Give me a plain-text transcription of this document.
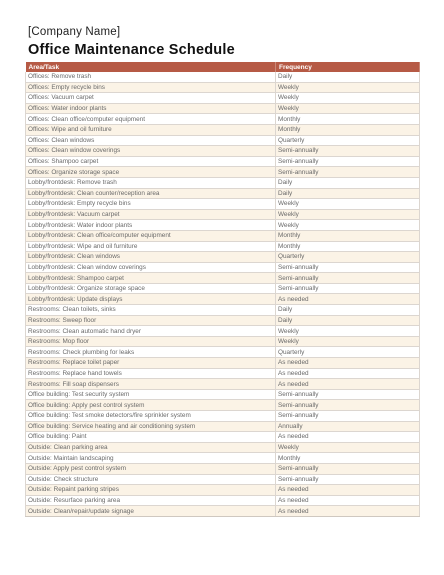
[Company Name]
Office Maintenance Schedule
Area/Task	Frequency
Offices: Remove trash	Daily
Offices: Empty recycle bins	Weekly
Offices: Vacuum carpet	Weekly
Offices: Water indoor plants	Weekly
Offices: Clean office/computer equipment	Monthly
Offices: Wipe and oil furniture	Monthly
Offices: Clean windows	Quarterly
Offices: Clean window coverings	Semi-annually
Offices: Shampoo carpet	Semi-annually
Offices: Organize storage space	Semi-annually
Lobby/frontdesk: Remove trash	Daily
Lobby/frontdesk: Clean counter/reception area	Daily
Lobby/frontdesk: Empty recycle bins	Weekly
Lobby/frontdesk: Vacuum carpet	Weekly
Lobby/frontdesk: Water indoor plants	Weekly
Lobby/frontdesk: Clean office/computer equipment	Monthly
Lobby/frontdesk: Wipe and oil furniture	Monthly
Lobby/frontdesk: Clean windows	Quarterly
Lobby/frontdesk: Clean window coverings	Semi-annually
Lobby/frontdesk: Shampoo carpet	Semi-annually
Lobby/frontdesk: Organize storage space	Semi-annually
Lobby/frontdesk: Update displays	As needed
Restrooms: Clean toilets, sinks	Daily
Restrooms: Sweep floor	Daily
Restrooms: Clean automatic hand dryer	Weekly
Restrooms: Mop floor	Weekly
Restrooms: Check plumbing for leaks	Quarterly
Restrooms: Replace toilet paper	As needed
Restrooms: Replace hand towels	As needed
Restrooms: Fill soap dispensers	As needed
Office building: Test security system	Semi-annually
Office building: Apply pest control system	Semi-annually
Office building: Test smoke detectors/fire sprinkler system	Semi-annually
Office building: Service heating and air conditioning system	Annually
Office building: Paint	As needed
Outside: Clean parking area	Weekly
Outside: Maintain landscaping	Monthly
Outside: Apply pest control system	Semi-annually
Outside: Check structure	Semi-annually
Outside: Repaint parking stripes	As needed
Outside: Resurface parking area	As needed
Outside: Clean/repair/update signage	As needed
